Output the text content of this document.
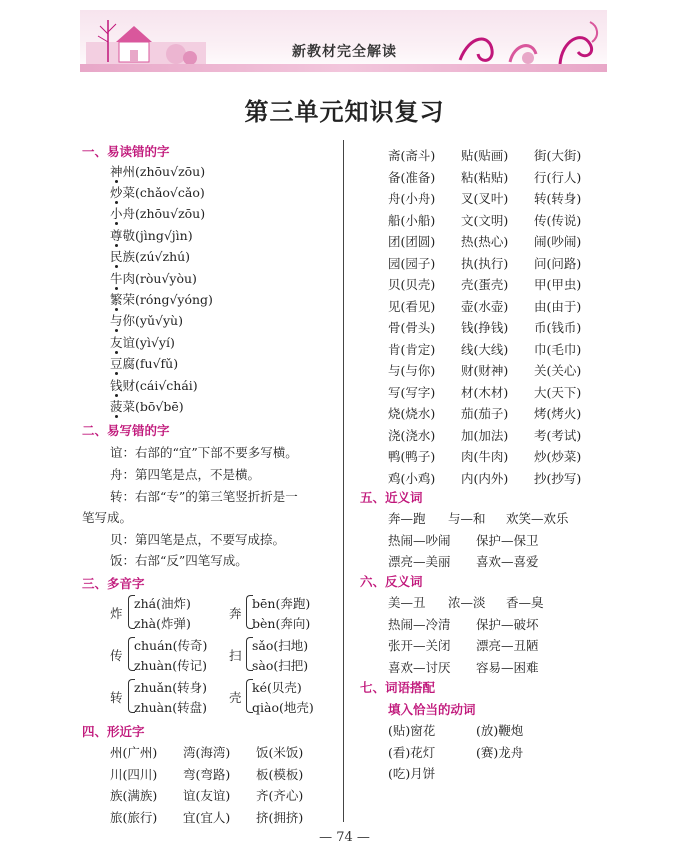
新教材完全解读
第三单元知识复习
一、易读错的字
神州(zhōu√zōu)
炒菜(chǎo√cǎo)
小舟(zhōu√zōu)
尊敬(jìng√jìn)
民族(zú√zhú)
牛肉(ròu√yòu)
繁荣(róng√yóng)
与你(yǔ√yù)
友谊(yì√yí)
豆腐(fu√fǔ)
钱财(cái√chái)
菠菜(bō√bē)
二、易写错的字
谊：右部的“宜”下部不要多写横。
舟：第四笔是点，不是横。
转：右部“专”的第三笔竖折折是一
笔写成。
贝：第四笔是点，不要写成捺。
饭：右部“反”四笔写成。
三、多音字
炸
zhá(油炸)
zhà(炸弹)
奔
bēn(奔跑)
bèn(奔向)
传
chuán(传奇)
zhuàn(传记)
扫
sǎo(扫地)
sào(扫把)
转
zhuǎn(转身)
zhuàn(转盘)
壳
ké(贝壳)
qiào(地壳)
四、形近字
州(广州) 湾(海湾) 饭(米饭)
川(四川) 弯(弯路) 板(模板)
族(满族) 谊(友谊) 齐(齐心)
旅(旅行) 宜(宜人) 挤(拥挤)
斋(斋斗) 贴(贴画) 街(大街)
备(准备) 粘(粘贴) 行(行人)
舟(小舟) 叉(叉叶) 转(转身)
船(小船) 文(文明) 传(传说)
团(团圆) 热(热心) 闹(吵闹)
园(园子) 执(执行) 问(问路)
贝(贝壳) 壳(蛋壳) 甲(甲虫)
见(看见) 壶(水壶) 由(由于)
骨(骨头) 钱(挣钱) 币(钱币)
肯(肯定) 线(大线) 巾(毛巾)
与(与你) 财(财神) 关(关心)
写(写字) 材(木材) 大(天下)
烧(烧水) 茄(茄子) 烤(烤火)
浇(浇水) 加(加法) 考(考试)
鸭(鸭子) 肉(牛肉) 炒(炒菜)
鸡(小鸡) 内(内外) 抄(抄写)
五、近义词
奔—跑 与—和 欢笑—欢乐
热闹—吵闹 保护—保卫
漂亮—美丽 喜欢—喜爱
六、反义词
美—丑 浓—淡 香—臭
热闹—冷清 保护—破坏
张开—关闭 漂亮—丑陋
喜欢—讨厌 容易—困难
七、词语搭配
填入恰当的动词
(贴)窗花	(放)鞭炮
(看)花灯	(赛)龙舟
(吃)月饼
— 74 —
